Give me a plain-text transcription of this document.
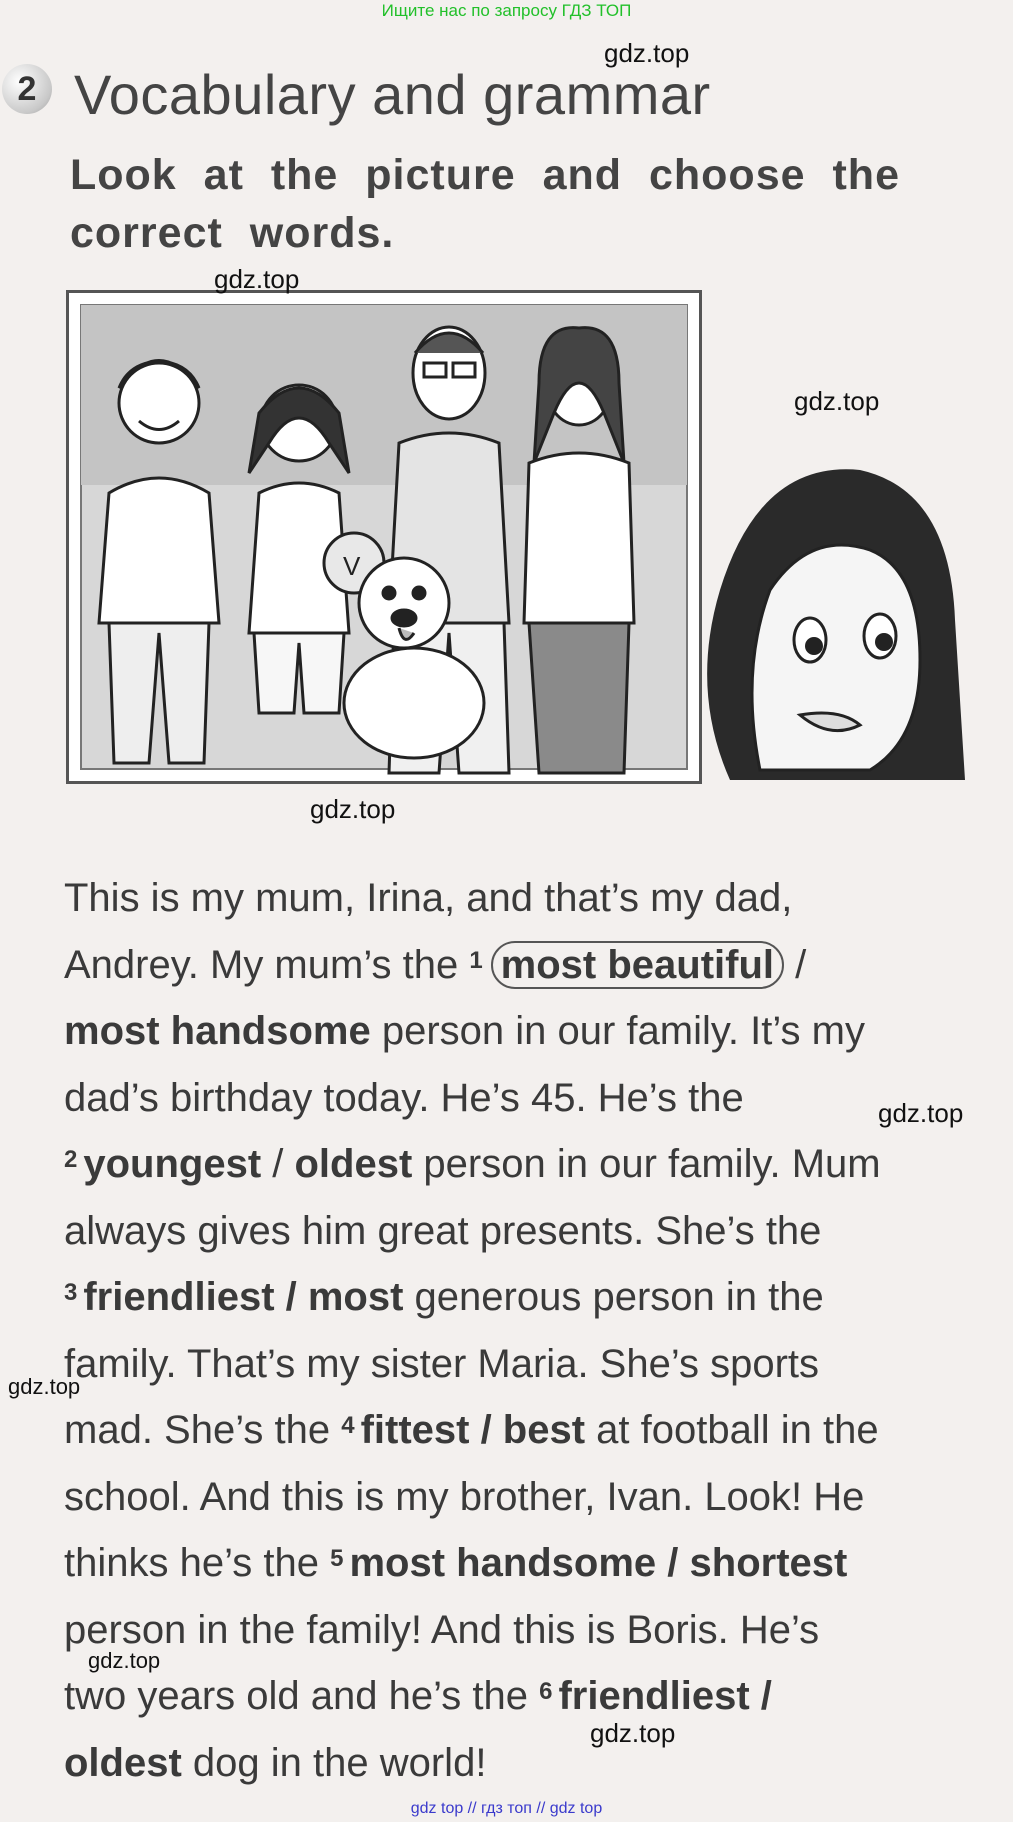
Ищите нас по запросу ГДЗ ТОП
2 Vocabulary and grammar
Look at the picture and choose the
correct words.
V
This is my mum, Irina, and that’s my dad,
Andrey. My mum’s the $^1$ most beautiful /
most handsome person in our family. It’s my
dad’s birthday today. He’s 45. He’s the
$^2$ youngest / oldest person in our family. Mum
always gives him great presents. She’s the
$^3$ friendliest / most generous person in the
family. That’s my sister Maria. She’s sports
mad. She’s the $^4$ fittest / best at football in the
school. And this is my brother, Ivan. Look! He
thinks he’s the $^5$ most handsome / shortest
person in the family! And this is Boris. He’s
two years old and he’s the $^6$ friendliest /
oldest dog in the world!
gdz.top
gdz.top
gdz.top
gdz.top
gdz.top
gdz.top
gdz.top
gdz.top
gdz top // гдз топ // gdz top
